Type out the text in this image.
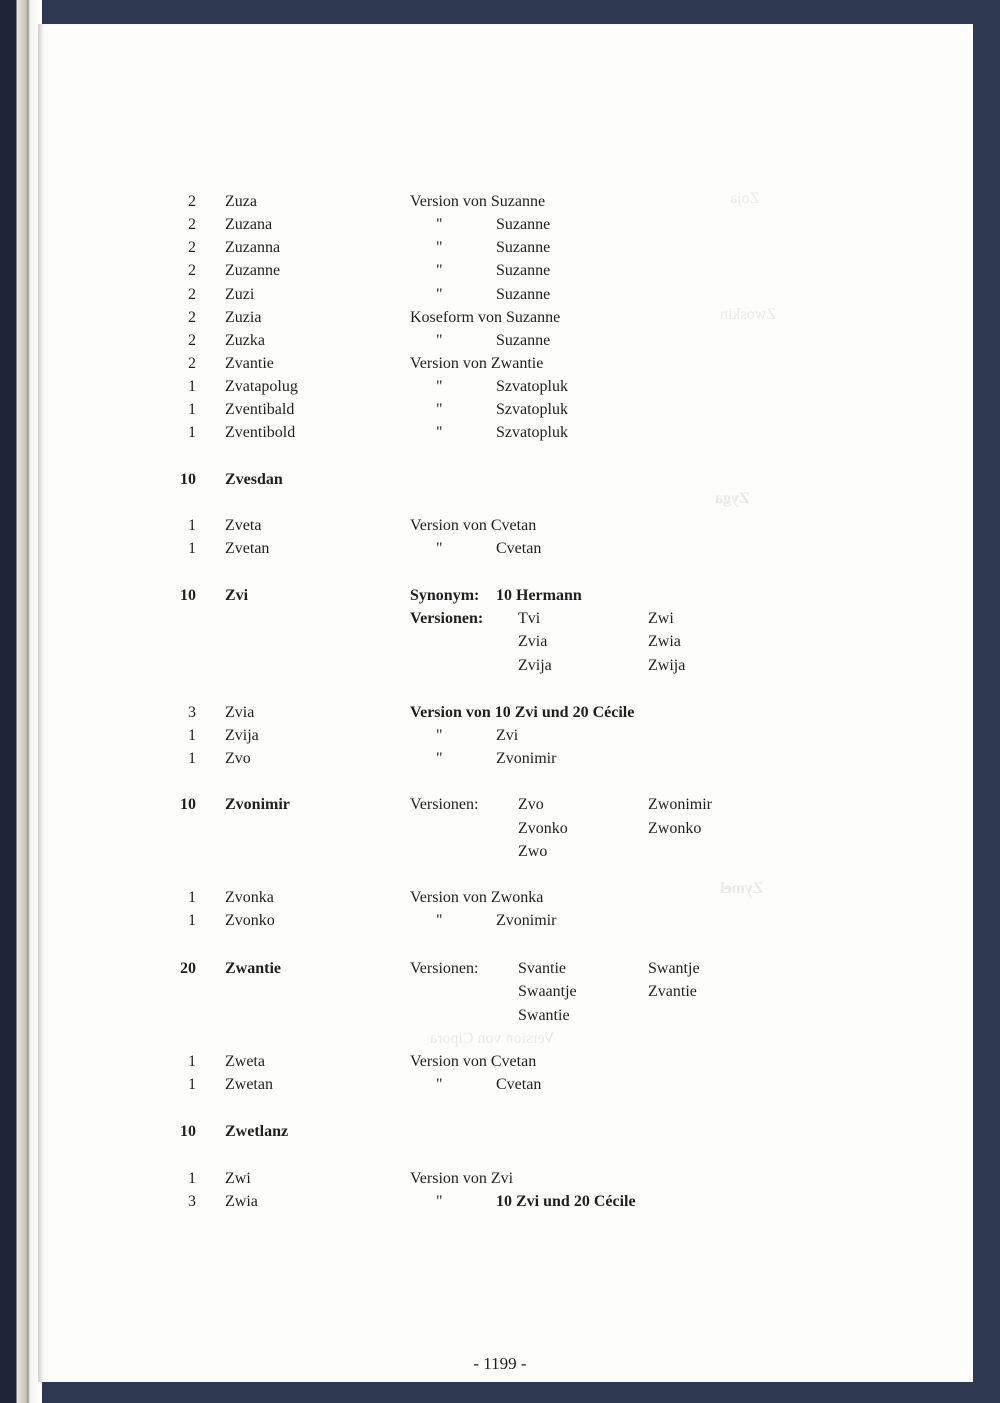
Zoja
Zwoskin
Zyga
Zymel
Version von Cipora
2 Zuza	Version von Suzanne
2 Zuzana	"	Suzanne
2 Zuzanna	"	Suzanne
2 Zuzanne	"	Suzanne
2 Zuzi	"	Suzanne
2 Zuzia	Koseform von Suzanne
2 Zuzka	"	Suzanne
2 Zvantie	Version von Zwantie
1 Zvatapolug	"	Szvatopluk
1 Zventibald	"	Szvatopluk
1 Zventibold	"	Szvatopluk
10 Zvesdan
1 Zveta	Version von Cvetan
1 Zvetan	"	Cvetan
10 Zvi	Synonym: 10 Hermann
Versionen: Tvi	Zwi
Zvia	Zwia
Zvija	Zwija
3 Zvia	Version von 10 Zvi und 20 Cécile
1 Zvija	"	Zvi
1 Zvo	"	Zvonimir
10 Zvonimir	Versionen: Zvo	Zwonimir
Zvonko	Zwonko
Zwo
1 Zvonka	Version von Zwonka
1 Zvonko	"	Zvonimir
20 Zwantie	Versionen: Svantie	Swantje
Swaantje	Zvantie
Swantie
1 Zweta	Version von Cvetan
1 Zwetan	"	Cvetan
10 Zwetlanz
1 Zwi	Version von Zvi
3 Zwia	"	10 Zvi und 20 Cécile
- 1199 -
